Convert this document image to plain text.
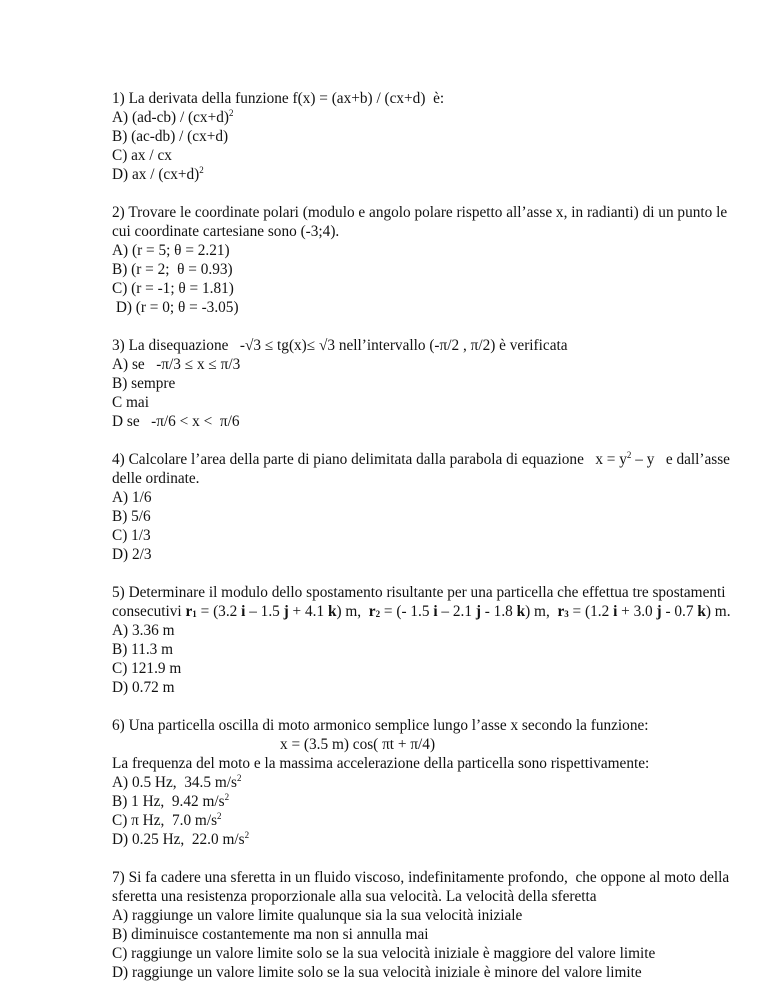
1) La derivata della funzione f(x) = (ax+b) / (cx+d)  è:
A) $(ad-cb) / (cx+d)^2$
B) (ac-db) / (cx+d)
C) ax / cx
D) ax / $(cx+d)^2$
2) Trovare le coordinate polari (modulo e angolo polare rispetto all’asse x, in radianti) di un punto le
cui coordinate cartesiane sono (-3;4).
A) (r = 5; θ = 2.21)
B) (r = 2;  θ = 0.93)
C) (r = -1; θ = 1.81)
D) (r = 0; θ = -3.05)
3) La disequazione   -√3 ≤ tg(x)≤ √3 nell’intervallo (-π/2 , π/2) è verificata
A) se   -π/3 ≤ x ≤ π/3
B) sempre
C mai
D se   -π/6 < x <  π/6
4) Calcolare l’area della parte di piano delimitata dalla parabola di equazione   $x = y^2 - y$   e dall’asse
delle ordinate.
A) 1/6
B) 5/6
C) 1/3
D) 2/3
5) Determinare il modulo dello spostamento risultante per una particella che effettua tre spostamenti
consecutivi $r_1 = (3.2$ i – 1.5 j + 4.1 k) m,  $r_2$ = (- 1.5 i – 2.1 j - 1.8 k) m,  $r_3 = (1.2$ i + 3.0 j - 0.7 k) m.
A) 3.36 m
B) 11.3 m
C) 121.9 m
D) 0.72 m
6) Una particella oscilla di moto armonico semplice lungo l’asse x secondo la funzione:
x = (3.5 m) cos( πt + π/4)
La frequenza del moto e la massima accelerazione della particella sono rispettivamente:
A) 0.5 Hz,  34.5 $m/s^2$
B) 1 Hz,  9.42 $m/s^2$
C) π Hz,  7.0 $m/s^2$
D) 0.25 Hz,  22.0 $m/s^2$
7) Si fa cadere una sferetta in un fluido viscoso, indefinitamente profondo,  che oppone al moto della
sferetta una resistenza proporzionale alla sua velocità. La velocità della sferetta
A) raggiunge un valore limite qualunque sia la sua velocità iniziale
B) diminuisce costantemente ma non si annulla mai
C) raggiunge un valore limite solo se la sua velocità iniziale è maggiore del valore limite
D) raggiunge un valore limite solo se la sua velocità iniziale è minore del valore limite
